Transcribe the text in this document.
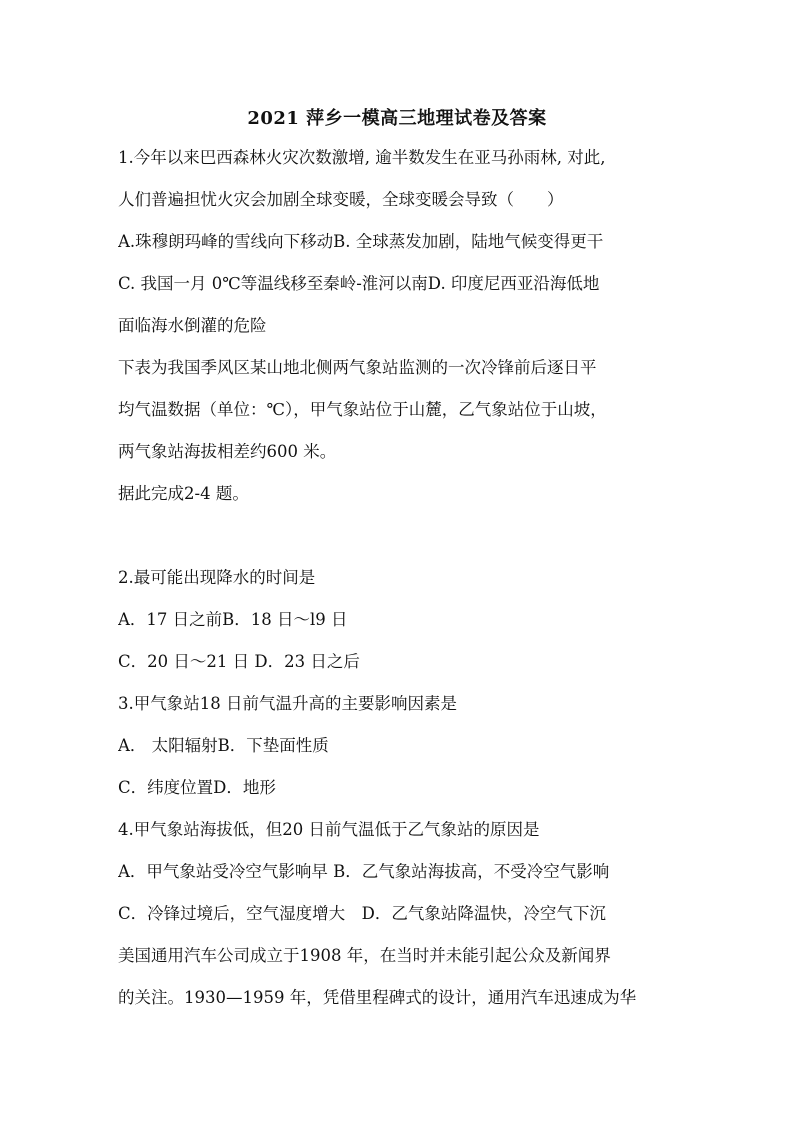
2021 萍乡一模高三地理试卷及答案
1.今年以来巴西森林火灾次数激增, 逾半数发生在亚马孙雨林, 对此,
人们普遍担忧火灾会加剧全球变暖，全球变暖会导致（　　）
A.珠穆朗玛峰的雪线向下移动B. 全球蒸发加剧，陆地气候变得更干
C. 我国一月 0℃等温线移至秦岭-淮河以南D. 印度尼西亚沿海低地
面临海水倒灌的危险
下表为我国季风区某山地北侧两气象站监测的一次冷锋前后逐日平
均气温数据（单位：℃），甲气象站位于山麓，乙气象站位于山坡，
两气象站海拔相差约600 米。
据此完成2-4 题。
2.最可能出现降水的时间是
A．17 日之前B．18 日～l9 日
C．20 日～21 日 D．23 日之后
3.甲气象站18 日前气温升高的主要影响因素是
A． 太阳辐射B．下垫面性质
C．纬度位置D．地形
4.甲气象站海拔低，但20 日前气温低于乙气象站的原因是
A．甲气象站受冷空气影响早 B．乙气象站海拔高，不受冷空气影响
C．冷锋过境后，空气湿度增大　D．乙气象站降温快，冷空气下沉
美国通用汽车公司成立于1908 年，在当时并未能引起公众及新闻界
的关注。1930—1959 年，凭借里程碑式的设计，通用汽车迅速成为华
